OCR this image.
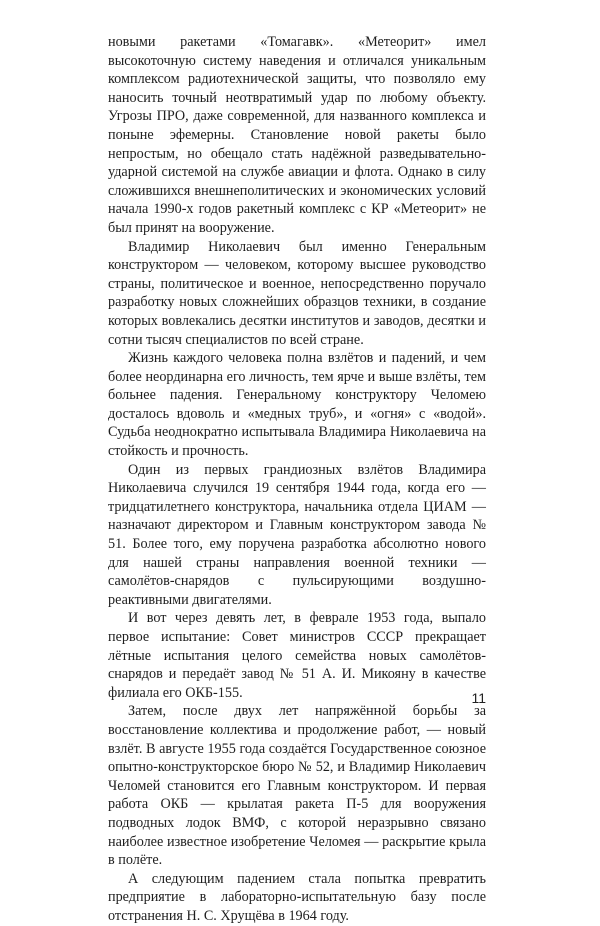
новыми ракетами «Томагавк». «Метеорит» имел высокоточную систему наведения и отличался уникальным комплексом радиотехнической защиты, что позволяло ему наносить точный неотвратимый удар по любому объекту. Угрозы ПРО, даже современной, для названного комплекса и поныне эфемерны. Становление новой ракеты было непростым, но обещало стать надёжной разведывательно-ударной системой на службе авиации и флота. Однако в силу сложившихся внешнеполитических и экономических условий начала 1990-х годов ракетный комплекс с КР «Метеорит» не был принят на вооружение.

Владимир Николаевич был именно Генеральным конструктором — человеком, которому высшее руководство страны, политическое и военное, непосредственно поручало разработку новых сложнейших образцов техники, в создание которых вовлекались десятки институтов и заводов, десятки и сотни тысяч специалистов по всей стране.

Жизнь каждого человека полна взлётов и падений, и чем более неординарна его личность, тем ярче и выше взлёты, тем больнее падения. Генеральному конструктору Челомею досталось вдоволь и «медных труб», и «огня» с «водой». Судьба неоднократно испытывала Владимира Николаевича на стойкость и прочность.

Один из первых грандиозных взлётов Владимира Николаевича случился 19 сентября 1944 года, когда его — тридцатилетнего конструктора, начальника отдела ЦИАМ — назначают директором и Главным конструктором завода № 51. Более того, ему поручена разработка абсолютно нового для нашей страны направления военной техники — самолётов-снарядов с пульсирующими воздушно-реактивными двигателями.

И вот через девять лет, в феврале 1953 года, выпало первое испытание: Совет министров СССР прекращает лётные испытания целого семейства новых самолётов-снарядов и передаёт завод № 51 А. И. Микояну в качестве филиала его ОКБ-155.

Затем, после двух лет напряжённой борьбы за восстановление коллектива и продолжение работ, — новый взлёт. В августе 1955 года создаётся Государственное союзное опытно-конструкторское бюро № 52, и Владимир Николаевич Челомей становится его Главным конструктором. И первая работа ОКБ — крылатая ракета П-5 для вооружения подводных лодок ВМФ, с которой неразрывно связано наиболее известное изобретение Челомея — раскрытие крыла в полёте.

А следующим падением стала попытка превратить предприятие в лабораторно-испытательную базу после отстранения Н. С. Хрущёва в 1964 году.

11
